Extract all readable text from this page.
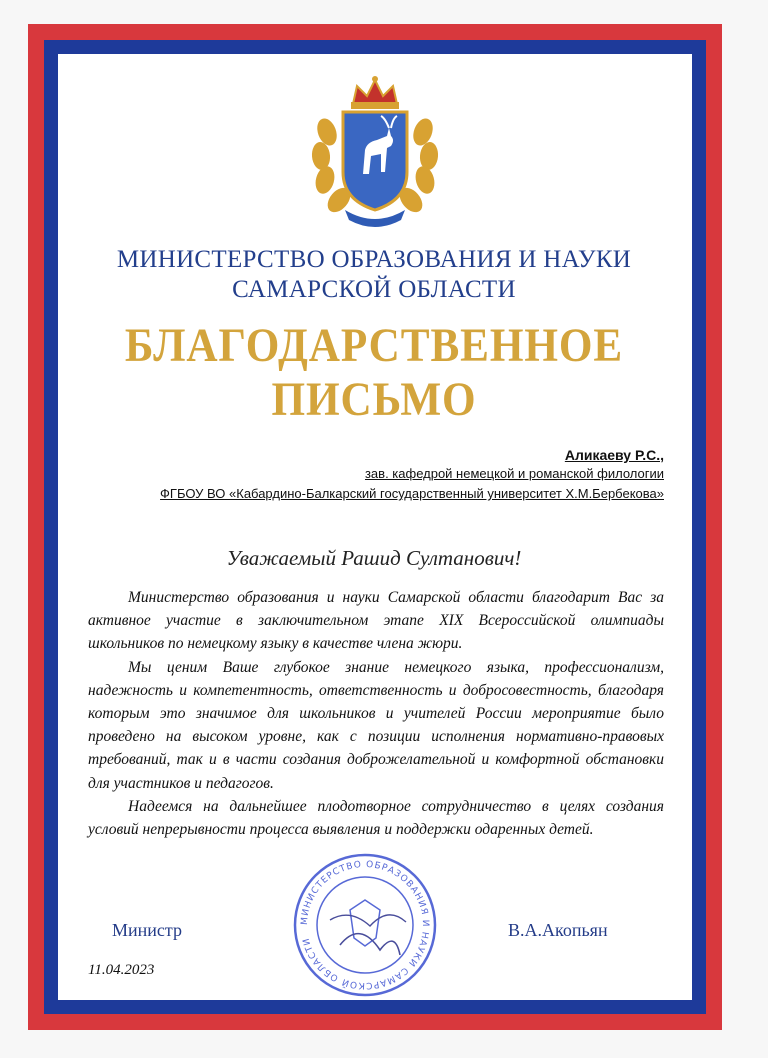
МИНИСТЕРСТВО ОБРАЗОВАНИЯ И НАУКИ
САМАРСКОЙ ОБЛАСТИ
БЛАГОДАРСТВЕННОЕ
ПИСЬМО
Аликаеву Р.С.,
зав. кафедрой немецкой и романской филологии
ФГБОУ ВО «Кабардино-Балкарский государственный университет Х.М.Бербекова»
Уважаемый Рашид Султанович!

Министерство образования и науки Самарской области благодарит Вас за активное участие в заключительном этапе XIX Всероссийской олимпиады школьников по немецкому языку в качестве члена жюри.

Мы ценим Ваше глубокое знание немецкого языка, профессионализм, надежность и компетентность, ответственность и добросовестность, благодаря которым это значимое для школьников и учителей России мероприятие было проведено на высоком уровне, как с позиции исполнения нормативно-правовых требований, так и в части создания доброжелательной и комфортной обстановки для участников и педагогов.

Надеемся на дальнейшее плодотворное сотрудничество в целях создания условий непрерывности процесса выявления и поддержки одаренных детей.

МИНИСТЕРСТВО ОБРАЗОВАНИЯ И НАУКИ САМАРСКОЙ ОБЛАСТИ
Министр	В.А.Акопьян
11.04.2023
